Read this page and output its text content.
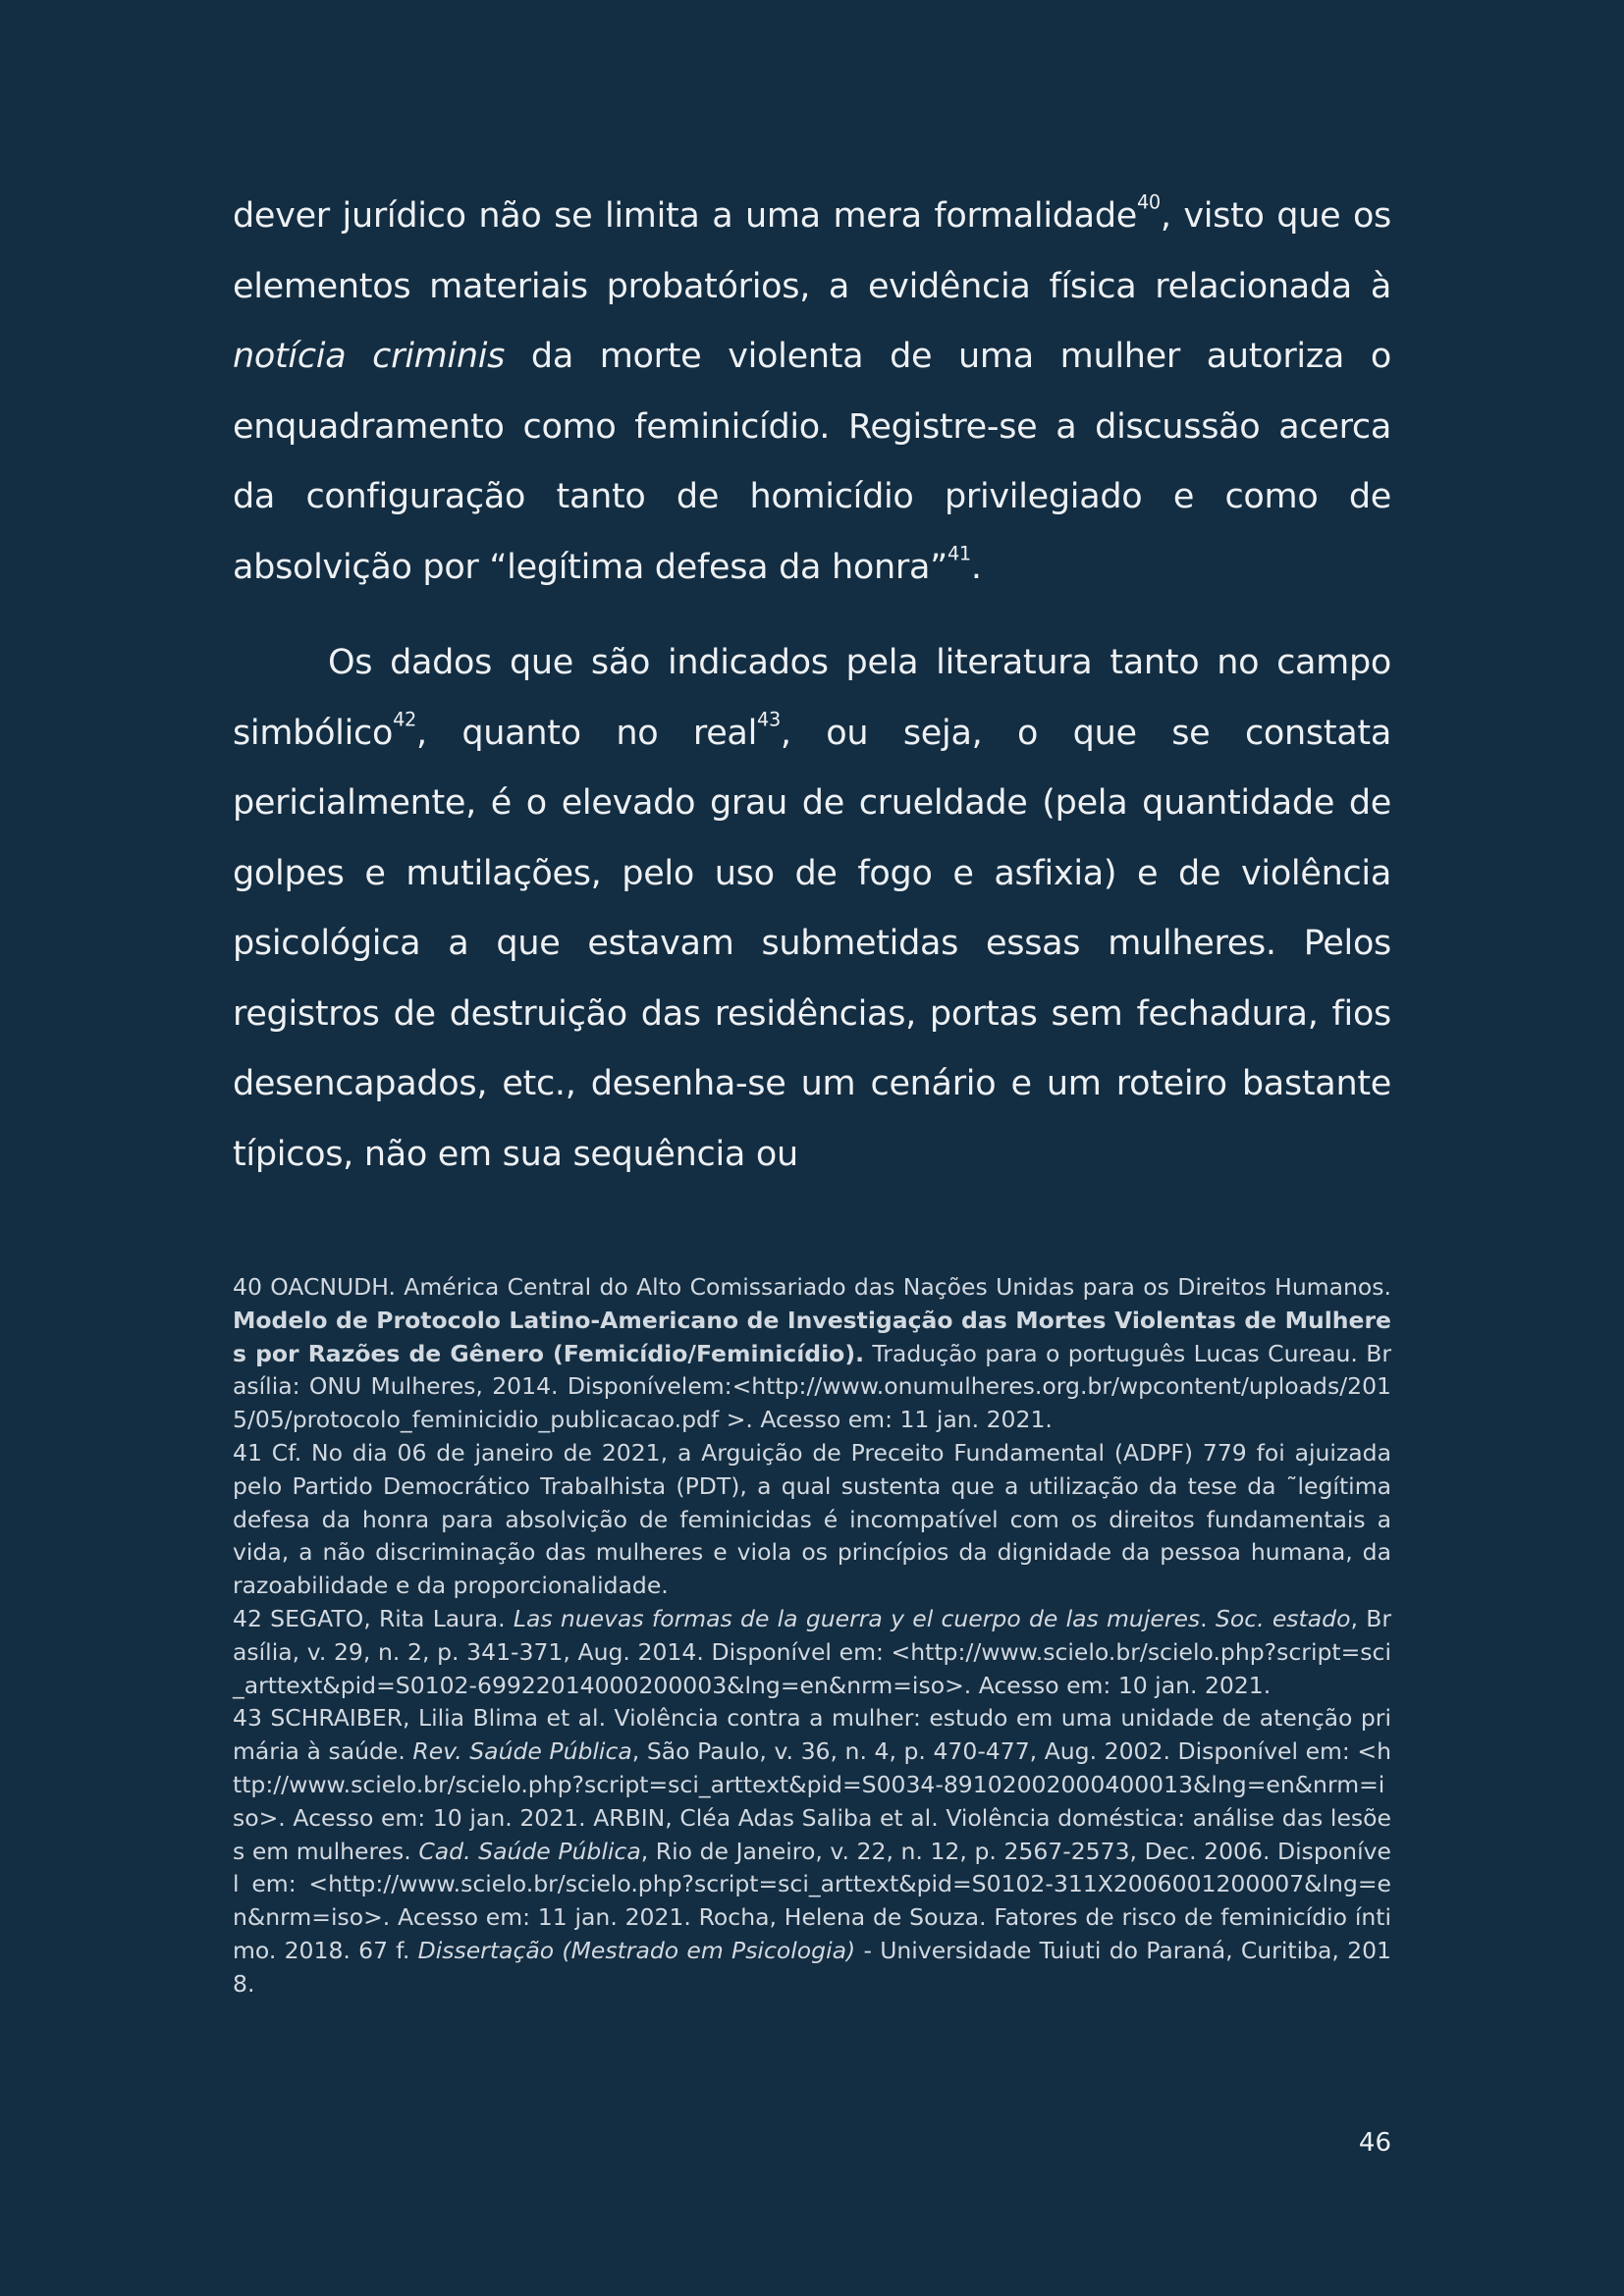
dever jurídico não se limita a uma mera formalidade$^{40}$, visto que os elementos materiais probatórios, a evidência física relacionada à notícia criminis da morte violenta de uma mulher autoriza o enquadramento como feminicídio. Registre-se a discussão acerca da configuração tanto de homicídio privilegiado e como de absolvição por “legítima defesa da honra”$^{41}$.

Os dados que são indicados pela literatura tanto no campo simbólico$^{42}$, quanto no real$^{43}$, ou seja, o que se constata pericialmente, é o elevado grau de crueldade (pela quantidade de golpes e mutilações, pelo uso de fogo e asfixia) e de violência psicológica a que estavam submetidas essas mulheres. Pelos registros de destruição das residências, portas sem fechadura, fios desencapados, etc., desenha-se um cenário e um roteiro bastante típicos, não em sua sequência ou

40 OACNUDH. América Central do Alto Comissariado das Nações Unidas para os Direitos Humanos. Modelo de Protocolo Latino-Americano de Investigação das Mortes Violentas de Mulheres por Razões de Gênero (Femicídio/Feminicídio). Tradução para o português Lucas Cureau. Brasília: ONU Mulheres, 2014. Disponívelem:<http://www.onumulheres.org.br/wpcontent/uploads/2015/05/protocolo_feminicidio_publicacao.pdf >. Acesso em: 11 jan. 2021.

41 Cf. No dia 06 de janeiro de 2021, a Arguição de Preceito Fundamental (ADPF) 779 foi ajuizada pelo Partido Democrático Trabalhista (PDT), a qual sustenta que a utilização da tese da ˜legítima defesa da honra para absolvição de feminicidas é incompatível com os direitos fundamentais a vida, a não discriminação das mulheres e viola os princípios da dignidade da pessoa humana, da razoabilidade e da proporcionalidade.

42 SEGATO, Rita Laura. Las nuevas formas de la guerra y el cuerpo de las mujeres. Soc. estado, Brasília, v. 29, n. 2, p. 341-371, Aug. 2014. Disponível em: <http://www.scielo.br/scielo.php?script=sci_arttext&pid=S0102-69922014000200003&lng=en&nrm=iso>. Acesso em: 10 jan. 2021.

43 SCHRAIBER, Lilia Blima et al. Violência contra a mulher: estudo em uma unidade de atenção primária à saúde. Rev. Saúde Pública, São Paulo, v. 36, n. 4, p. 470-477, Aug. 2002. Disponível em: <http://www.scielo.br/scielo.php?script=sci_arttext&pid=S0034-89102002000400013&lng=en&nrm=iso>. Acesso em: 10 jan. 2021. ARBIN, Cléa Adas Saliba et al. Violência doméstica: análise das lesões em mulheres. Cad. Saúde Pública, Rio de Janeiro, v. 22, n. 12, p. 2567-2573, Dec. 2006. Disponível em: <http://www.scielo.br/scielo.php?script=sci_arttext&pid=S0102-311X2006001200007&lng=en&nrm=iso>. Acesso em: 11 jan. 2021. Rocha, Helena de Souza. Fatores de risco de feminicídio íntimo. 2018. 67 f. Dissertação (Mestrado em Psicologia) - Universidade Tuiuti do Paraná, Curitiba, 2018.

46
